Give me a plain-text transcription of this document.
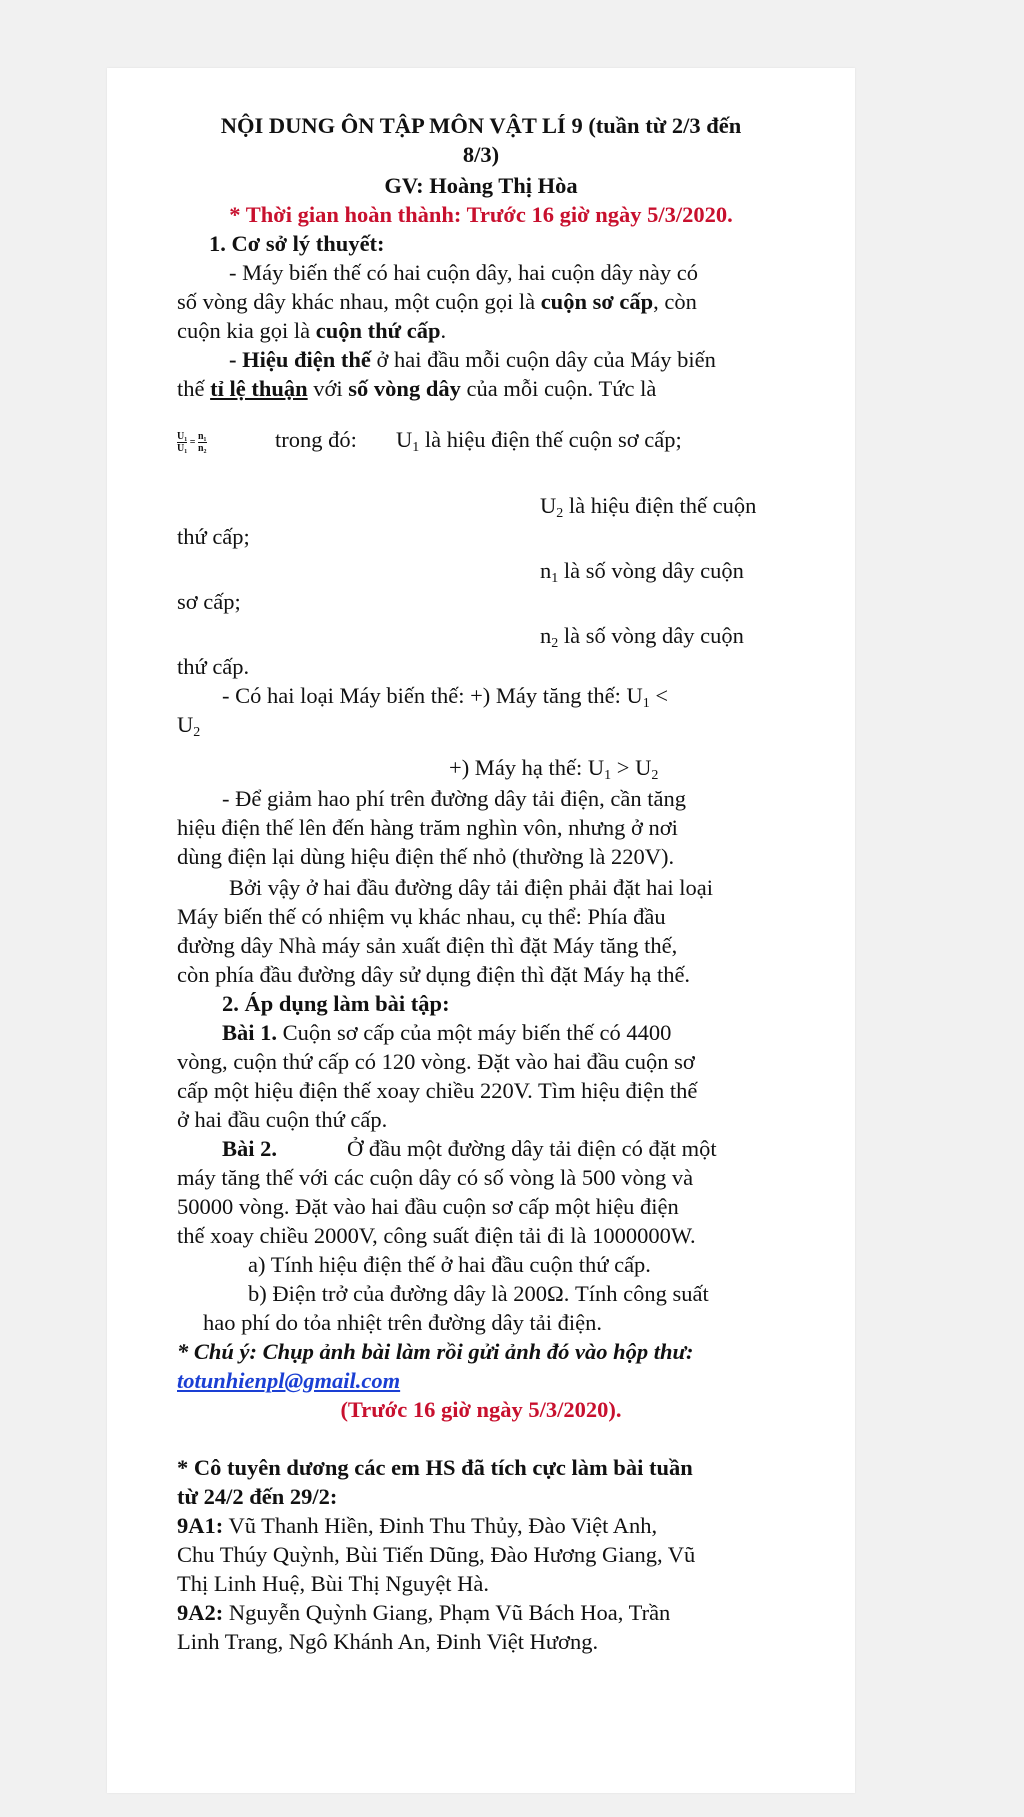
NỘI DUNG ÔN TẬP MÔN VẬT LÍ 9 (tuần từ 2/3 đến
8/3)
GV: Hoàng Thị Hòa
* Thời gian hoàn thành: Trước 16 giờ ngày 5/3/2020.
1. Cơ sở lý thuyết:
- Máy biến thế có hai cuộn dây, hai cuộn dây này có
số vòng dây khác nhau, một cuộn gọi là cuộn sơ cấp, còn
cuộn kia gọi là cuộn thứ cấp.
- Hiệu điện thế ở hai đầu mỗi cuộn dây của Máy biến
thế tỉ lệ thuận với số vòng dây của mỗi cuộn. Tức là
$\frac{\text{U₁}}{\text{U₁}} = \frac{\text{n₁}}{\text{n₂}}$	trong đó: $U_1$ là hiệu điện thế cuộn sơ cấp;
$U_2$ là hiệu điện thế cuộn
thứ cấp;
$n_1$ là số vòng dây cuộn
sơ cấp;
$n_2$ là số vòng dây cuộn
thứ cấp.
- Có hai loại Máy biến thế: +) Máy tăng thế: $U_1$ <
$U_2$
+) Máy hạ thế: $U_1 > U_2$
- Để giảm hao phí trên đường dây tải điện, cần tăng
hiệu điện thế lên đến hàng trăm nghìn vôn, nhưng ở nơi
dùng điện lại dùng hiệu điện thế nhỏ (thường là 220V).
Bởi vậy ở hai đầu đường dây tải điện phải đặt hai loại
Máy biến thế có nhiệm vụ khác nhau, cụ thể: Phía đầu
đường dây Nhà máy sản xuất điện thì đặt Máy tăng thế,
còn phía đầu đường dây sử dụng điện thì đặt Máy hạ thế.
2. Áp dụng làm bài tập:
Bài 1. Cuộn sơ cấp của một máy biến thế có 4400
vòng, cuộn thứ cấp có 120 vòng. Đặt vào hai đầu cuộn sơ
cấp một hiệu điện thế xoay chiều 220V. Tìm hiệu điện thế
ở hai đầu cuộn thứ cấp.
Bài 2.	Ở đầu một đường dây tải điện có đặt một
máy tăng thế với các cuộn dây có số vòng là 500 vòng và
50000 vòng. Đặt vào hai đầu cuộn sơ cấp một hiệu điện
thế xoay chiều 2000V, công suất điện tải đi là 1000000W.
a) Tính hiệu điện thế ở hai đầu cuộn thứ cấp.
b) Điện trở của đường dây là 200Ω. Tính công suất
hao phí do tỏa nhiệt trên đường dây tải điện.
* Chú ý: Chụp ảnh bài làm rồi gửi ảnh đó vào hộp thư:
totunhienpl@gmail.com
(Trước 16 giờ ngày 5/3/2020).
* Cô tuyên dương các em HS đã tích cực làm bài tuần
từ 24/2 đến 29/2:
9A1: Vũ Thanh Hiền, Đinh Thu Thủy, Đào Việt Anh,
Chu Thúy Quỳnh, Bùi Tiến Dũng, Đào Hương Giang, Vũ
Thị Linh Huệ, Bùi Thị Nguyệt Hà.
9A2: Nguyễn Quỳnh Giang, Phạm Vũ Bách Hoa, Trần
Linh Trang, Ngô Khánh An, Đinh Việt Hương.
